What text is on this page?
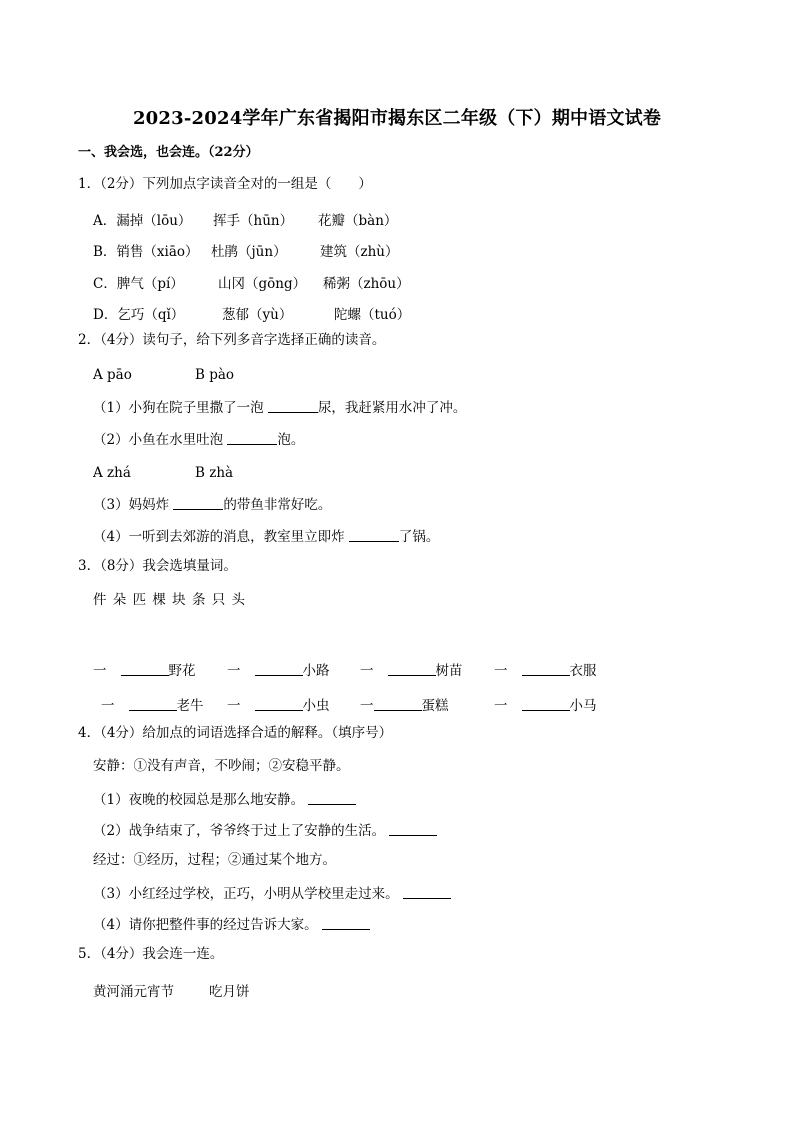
2023-2024学年广东省揭阳市揭东区二年级（下）期中语文试卷
一、我会选，也会连。（22分）
1．（2分）下列加点字读音全对的一组是（　　）
A．漏掉（lōu） 挥手（hūn） 花瓣（bàn）
B．销售（xiāo） 杜鹃（jūn） 建筑（zhù）
C．脾气（pí）	山冈（gōng） 稀粥（zhōu）
D．乞巧（qǐ）	葱郁（yù）	陀螺（tuó）
2．（4分）读句子，给下列多音字选择正确的读音。
A pāo	B pào
（1）小狗在院子里撒了一泡	尿，我赶紧用水冲了冲。
（2）小鱼在水里吐泡	泡。
A zhá	B zhà
（3）妈妈炸	的带鱼非常好吃。
（4）一听到去郊游的消息，教室里立即炸	了锅。
3．（8分）我会选填量词。
件 朵 匹 棵 块 条 只 头
一	野花 一	小路 一	树苗 一	衣服
一	老牛 一	小虫 一	蛋糕	一	小马
4．（4分）给加点的词语选择合适的解释。（填序号）
安静：①没有声音，不吵闹；②安稳平静。
（1）夜晚的校园总是那么地安静。
（2）战争结束了，爷爷终于过上了安静的生活。
经过：①经历，过程；②通过某个地方。
（3）小红经过学校，正巧，小明从学校里走过来。
（4）请你把整件事的经过告诉大家。
5．（4分）我会连一连。
黄河涌元宵节	吃月饼
